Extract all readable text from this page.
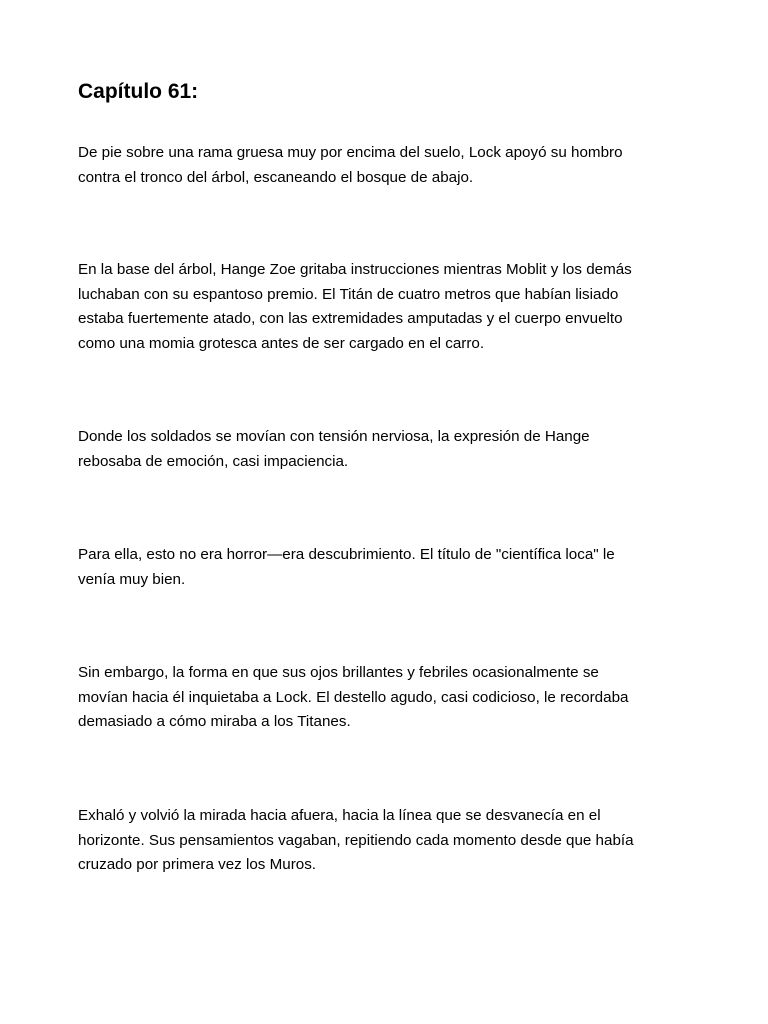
Capítulo 61:

De pie sobre una rama gruesa muy por encima del suelo, Lock apoyó su hombro
contra el tronco del árbol, escaneando el bosque de abajo.

En la base del árbol, Hange Zoe gritaba instrucciones mientras Moblit y los demás
luchaban con su espantoso premio. El Titán de cuatro metros que habían lisiado
estaba fuertemente atado, con las extremidades amputadas y el cuerpo envuelto
como una momia grotesca antes de ser cargado en el carro.

Donde los soldados se movían con tensión nerviosa, la expresión de Hange
rebosaba de emoción, casi impaciencia.

Para ella, esto no era horror—era descubrimiento. El título de "científica loca" le
venía muy bien.

Sin embargo, la forma en que sus ojos brillantes y febriles ocasionalmente se
movían hacia él inquietaba a Lock. El destello agudo, casi codicioso, le recordaba
demasiado a cómo miraba a los Titanes.

Exhaló y volvió la mirada hacia afuera, hacia la línea que se desvanecía en el
horizonte. Sus pensamientos vagaban, repitiendo cada momento desde que había
cruzado por primera vez los Muros.
